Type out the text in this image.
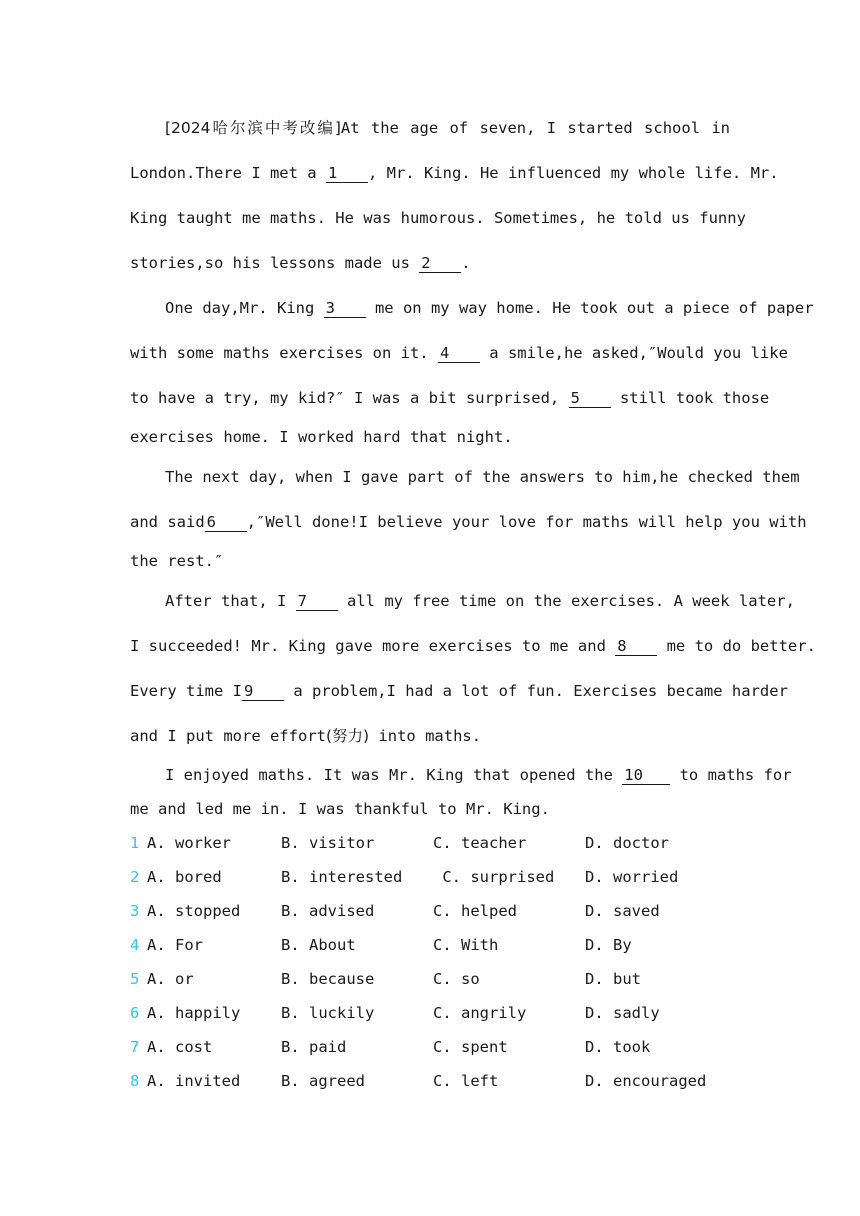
[2024哈尔滨中考改编]At the age of seven, I started school in
London.There I met a 1 , Mr. King. He influenced my whole life. Mr.
King taught me maths. He was humorous. Sometimes, he told us funny
stories,so his lessons made us 2 .
One day,Mr. King 3 me on my way home. He took out a piece of paper
with some maths exercises on it. 4 a smile,he asked,″Would you like
to have a try, my kid?″ I was a bit surprised, 5 still took those
exercises home. I worked hard that night.
The next day, when I gave part of the answers to him,he checked them
and said 6 ,″Well done!I believe your love for maths will help you with
the rest.″
After that, I 7 all my free time on the exercises. A week later,
I succeeded! Mr. King gave more exercises to me and 8 me to do better.
Every time I 9 a problem,I had a lot of fun. Exercises became harder
and I put more effort(努力) into maths.
I enjoyed maths. It was Mr. King that opened the 10 to maths for
me and led me in. I was thankful to Mr. King.
1 A. worker	B. visitor	C. teacher	D. doctor
2 A. bored	B. interested C. surprised D. worried
3 A. stopped	B. advised	C. helped	D. saved
4 A. For	B. About	C. With	D. By
5 A. or	B. because	C. so	D. but
6 A. happily	B. luckily	C. angrily	D. sadly
7 A. cost	B. paid	C. spent	D. took
8 A. invited	B. agreed	C. left	D. encouraged
